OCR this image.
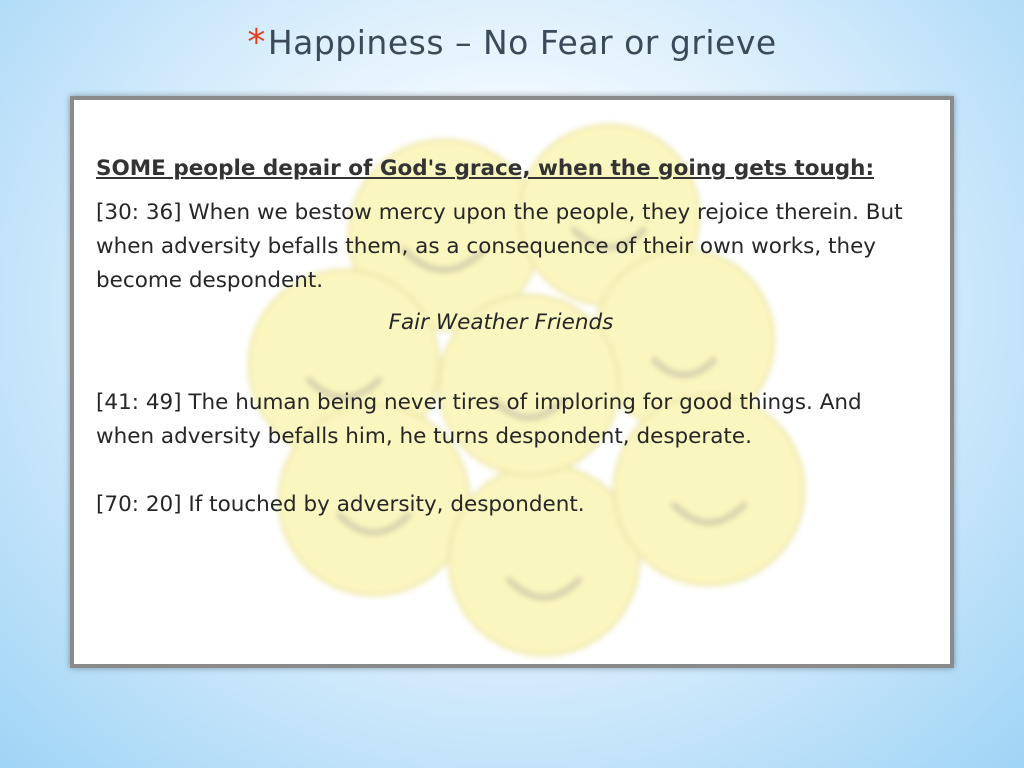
*Happiness – No Fear or grieve

SOME people depair of God's grace, when the going gets tough:

[30: 36] When we bestow mercy upon the people, they rejoice therein. But when adversity befalls them, as a consequence of their own works, they become despondent.

Fair Weather Friends

[41: 49] The human being never tires of imploring for good things. And when adversity befalls him, he turns despondent, desperate.

[70: 20] If touched by adversity, despondent.
